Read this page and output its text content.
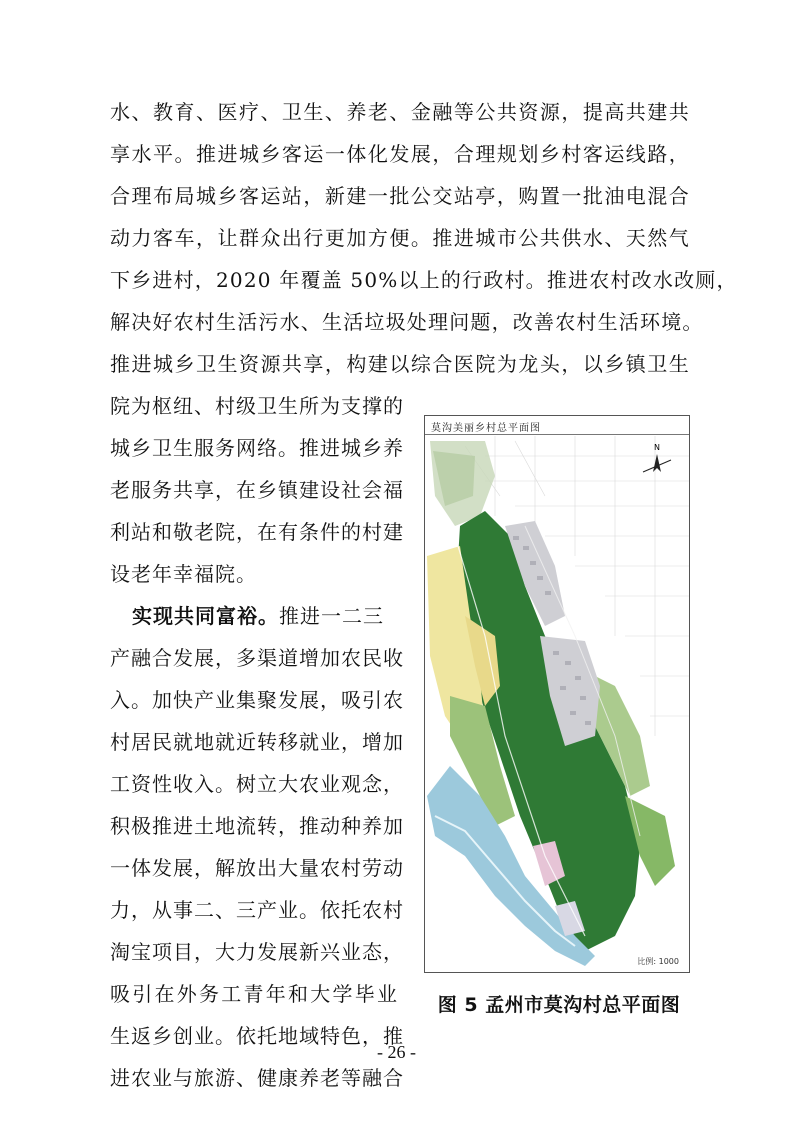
水、教育、医疗、卫生、养老、金融等公共资源，提高共建共
享水平。推进城乡客运一体化发展，合理规划乡村客运线路，
合理布局城乡客运站，新建一批公交站亭，购置一批油电混合
动力客车，让群众出行更加方便。推进城市公共供水、天然气
下乡进村，2020 年覆盖 50%以上的行政村。推进农村改水改厕，
解决好农村生活污水、生活垃圾处理问题，改善农村生活环境。
推进城乡卫生资源共享，构建以综合医院为龙头，以乡镇卫生
院为枢纽、村级卫生所为支撑的
城乡卫生服务网络。推进城乡养
老服务共享，在乡镇建设社会福
利站和敬老院，在有条件的村建
设老年幸福院。
实现共同富裕。推进一二三
产融合发展，多渠道增加农民收
入。加快产业集聚发展，吸引农
村居民就地就近转移就业，增加
工资性收入。树立大农业观念，
积极推进土地流转，推动种养加
一体发展，解放出大量农村劳动
力，从事二、三产业。依托农村
淘宝项目，大力发展新兴业态，
吸引在外务工青年和大学毕业
生返乡创业。依托地域特色，推
进农业与旅游、健康养老等融合
莫沟美丽乡村总平面图
N
比例: 1000
图 5 孟州市莫沟村总平面图
- 26 -
